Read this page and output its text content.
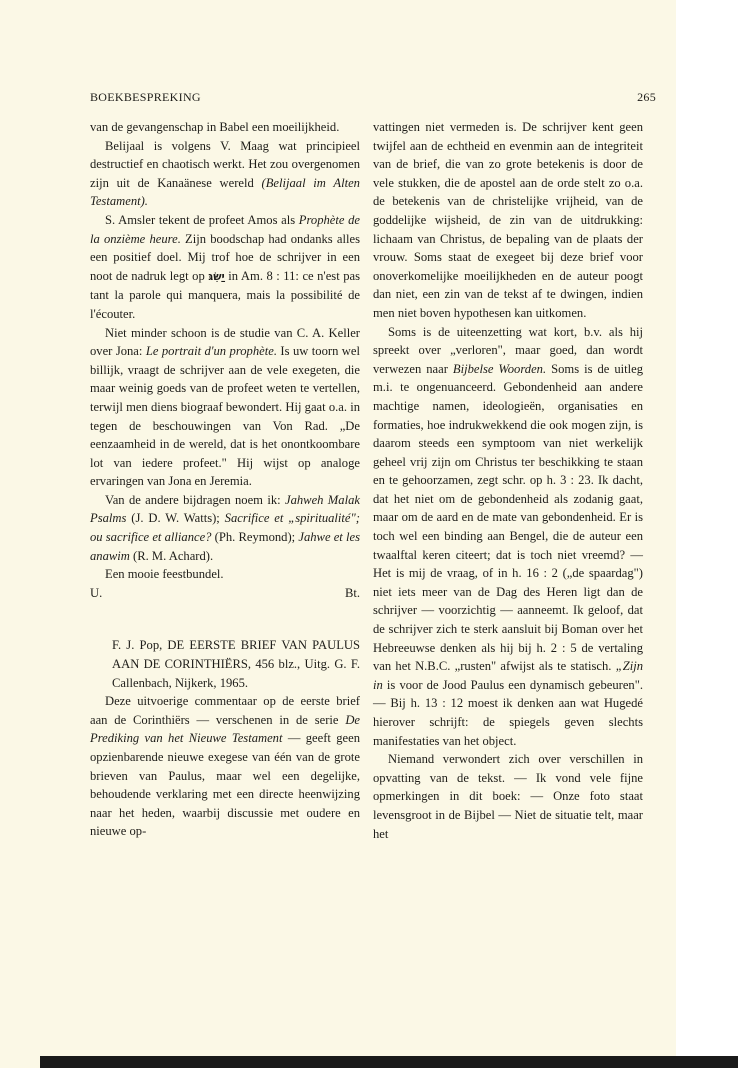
BOEKBESPREKING	265

van de gevangenschap in Babel een moeilijkheid.

Belijaal is volgens V. Maag wat principieel destructief en chaotisch werkt. Het zou overgenomen zijn uit de Kanaänese wereld (Belijaal im Alten Testament).

S. Amsler tekent de profeet Amos als Prophète de la onzième heure. Zijn boodschap had ondanks alles een positief doel. Mij trof hoe de schrijver in een noot de nadruk legt op יַשִּׂגּ in Am. 8 : 11: ce n'est pas tant la parole qui manquera, mais la possibilité de l'écouter.

Niet minder schoon is de studie van C. A. Keller over Jona: Le portrait d'un prophète. Is uw toorn wel billijk, vraagt de schrijver aan de vele exegeten, die maar weinig goeds van de profeet weten te vertellen, terwijl men diens biograaf bewondert. Hij gaat o.a. in tegen de beschouwingen van Von Rad. „De eenzaamheid in de wereld, dat is het onontkoombare lot van iedere profeet." Hij wijst op analoge ervaringen van Jona en Jeremia.

Van de andere bijdragen noem ik: Jahweh Malak Psalms (J. D. W. Watts); Sacrifice et „spiritualité"; ou sacrifice et alliance? (Ph. Reymond); Jahwe et les anawim (R. M. Achard).

Een mooie feestbundel.

U.	Bt.
F. J. Pop, DE EERSTE BRIEF VAN PAULUS AAN DE CORINTHIËRS, 456 blz., Uitg. G. F. Callenbach, Nijkerk, 1965.

Deze uitvoerige commentaar op de eerste brief aan de Corinthiërs — verschenen in de serie De Prediking van het Nieuwe Testament — geeft geen opzienbarende nieuwe exegese van één van de grote brieven van Paulus, maar wel een degelijke, behoudende verklaring met een directe heenwijzing naar het heden, waarbij discussie met oudere en nieuwe op-

vattingen niet vermeden is. De schrijver kent geen twijfel aan de echtheid en evenmin aan de integriteit van de brief, die van zo grote betekenis is door de vele stukken, die de apostel aan de orde stelt zo o.a. de betekenis van de christelijke vrijheid, van de goddelijke wijsheid, de zin van de uitdrukking: lichaam van Christus, de bepaling van de plaats der vrouw. Soms staat de exegeet bij deze brief voor onoverkomelijke moeilijkheden en de auteur poogt dan niet, een zin van de tekst af te dwingen, indien men niet boven hypothesen kan uitkomen.

Soms is de uiteenzetting wat kort, b.v. als hij spreekt over „verloren", maar goed, dan wordt verwezen naar Bijbelse Woorden. Soms is de uitleg m.i. te ongenuanceerd. Gebondenheid aan andere machtige namen, ideologieën, organisaties en formaties, hoe indrukwekkend die ook mogen zijn, is daarom steeds een symptoom van niet werkelijk geheel vrij zijn om Christus ter beschikking te staan en te gehoorzamen, zegt schr. op h. 3 : 23. Ik dacht, dat het niet om de gebondenheid als zodanig gaat, maar om de aard en de mate van gebondenheid. Er is toch wel een binding aan Bengel, die de auteur een twaalftal keren citeert; dat is toch niet vreemd? — Het is mij de vraag, of in h. 16 : 2 („de spaardag") niet iets meer van de Dag des Heren ligt dan de schrijver — voorzichtig — aanneemt. Ik geloof, dat de schrijver zich te sterk aansluit bij Boman over het Hebreeuwse denken als hij bij h. 2 : 5 de vertaling van het N.B.C. „rusten" afwijst als te statisch. „Zijn in is voor de Jood Paulus een dynamisch gebeuren". — Bij h. 13 : 12 moest ik denken aan wat Hugedé hierover schrijft: de spiegels geven slechts manifestaties van het object.

Niemand verwondert zich over verschillen in opvatting van de tekst. — Ik vond vele fijne opmerkingen in dit boek: — Onze foto staat levensgroot in de Bijbel — Niet de situatie telt, maar het
